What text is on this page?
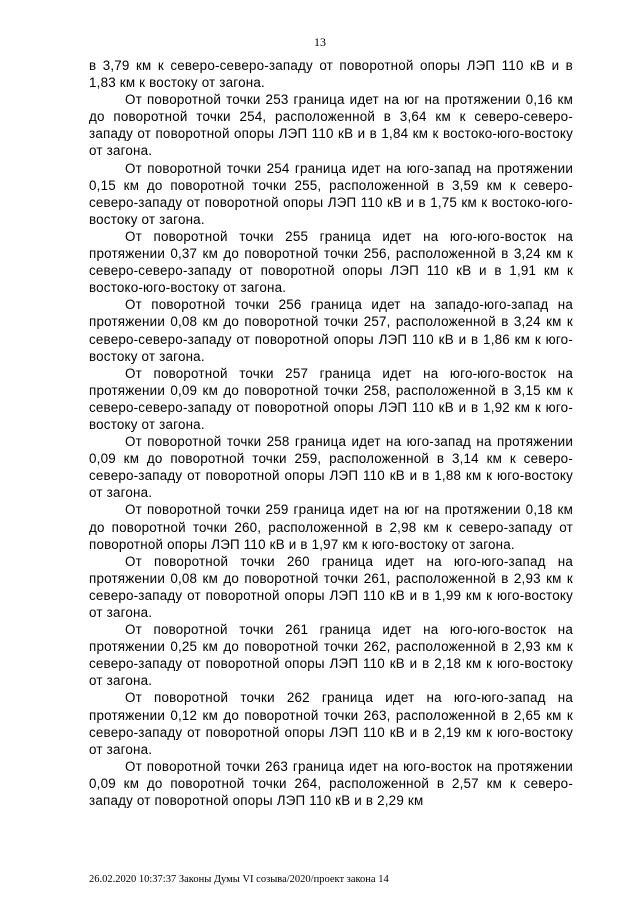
13

в 3,79 км к северо-северо-западу от поворотной опоры ЛЭП 110 кВ и в 1,83 км к востоку от загона.

От поворотной точки 253 граница идет на юг на протяжении 0,16 км до поворотной точки 254, расположенной в 3,64 км к северо-северо-западу от поворотной опоры ЛЭП 110 кВ и в 1,84 км к востоко-юго-востоку от загона.

От поворотной точки 254 граница идет на юго-запад на протяжении 0,15 км до поворотной точки 255, расположенной в 3,59 км к северо-северо-западу от поворотной опоры ЛЭП 110 кВ и в 1,75 км к востоко-юго-востоку от загона.

От поворотной точки 255 граница идет на юго-юго-восток на протяжении 0,37 км до поворотной точки 256, расположенной в 3,24 км к северо-северо-западу от поворотной опоры ЛЭП 110 кВ и в 1,91 км к востоко-юго-востоку от загона.

От поворотной точки 256 граница идет на западо-юго-запад на протяжении 0,08 км до поворотной точки 257, расположенной в 3,24 км к северо-северо-западу от поворотной опоры ЛЭП 110 кВ и в 1,86 км к юго-востоку от загона.

От поворотной точки 257 граница идет на юго-юго-восток на протяжении 0,09 км до поворотной точки 258, расположенной в 3,15 км к северо-северо-западу от поворотной опоры ЛЭП 110 кВ и в 1,92 км к юго-востоку от загона.

От поворотной точки 258 граница идет на юго-запад на протяжении 0,09 км до поворотной точки 259, расположенной в 3,14 км к северо-северо-западу от поворотной опоры ЛЭП 110 кВ и в 1,88 км к юго-востоку от загона.

От поворотной точки 259 граница идет на юг на протяжении 0,18 км до поворотной точки 260, расположенной в 2,98 км к северо-западу от поворотной опоры ЛЭП 110 кВ и в 1,97 км к юго-востоку от загона.

От поворотной точки 260 граница идет на юго-юго-запад на протяжении 0,08 км до поворотной точки 261, расположенной в 2,93 км к северо-западу от поворотной опоры ЛЭП 110 кВ и в 1,99 км к юго-востоку от загона.

От поворотной точки 261 граница идет на юго-юго-восток на протяжении 0,25 км до поворотной точки 262, расположенной в 2,93 км к северо-западу от поворотной опоры ЛЭП 110 кВ и в 2,18 км к юго-востоку от загона.

От поворотной точки 262 граница идет на юго-юго-запад на протяжении 0,12 км до поворотной точки 263, расположенной в 2,65 км к северо-западу от поворотной опоры ЛЭП 110 кВ и в 2,19 км к юго-востоку от загона.

От поворотной точки 263 граница идет на юго-восток на протяжении 0,09 км до поворотной точки 264, расположенной в 2,57 км к северо-западу от поворотной опоры ЛЭП 110 кВ и в 2,29 км

26.02.2020 10:37:37 Законы Думы VI созыва/2020/проект закона 14
